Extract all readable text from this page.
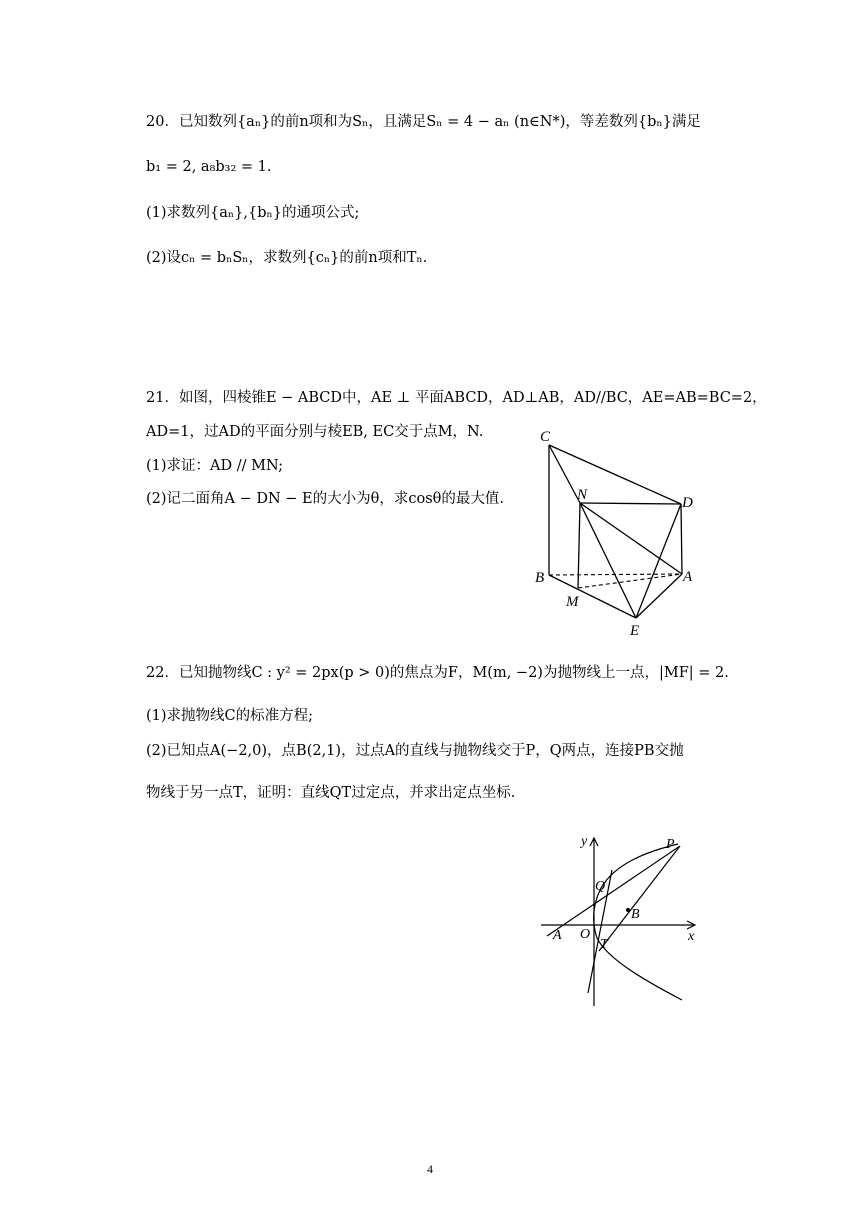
20．已知数列{aₙ}的前n项和为Sₙ，且满足Sₙ = 4 − aₙ (n∈N*)，等差数列{bₙ}满足
b₁ = 2, a₈b₃₂ = 1.
(1)求数列{aₙ},{bₙ}的通项公式;
(2)设cₙ = bₙSₙ，求数列{cₙ}的前n项和Tₙ.
21．如图，四棱锥E − ABCD中，AE ⊥ 平面ABCD，AD⊥AB，AD//BC，AE=AB=BC=2，
AD=1，过AD的平面分别与棱EB, EC交于点M，N.
(1)求证：AD // MN;
(2)记二面角A − DN − E的大小为θ，求cosθ的最大值.
C
N	D
B	A
M
E
22．已知抛物线C : y² = 2px(p > 0)的焦点为F，M(m, −2)为抛物线上一点，|MF| = 2.
(1)求抛物线C的标准方程;
(2)已知点A(−2,0)，点B(2,1)，过点A的直线与抛物线交于P，Q两点，连接PB交抛
物线于另一点T，证明：直线QT过定点，并求出定点坐标.
y
x
P
Q
B
A O
T
4
